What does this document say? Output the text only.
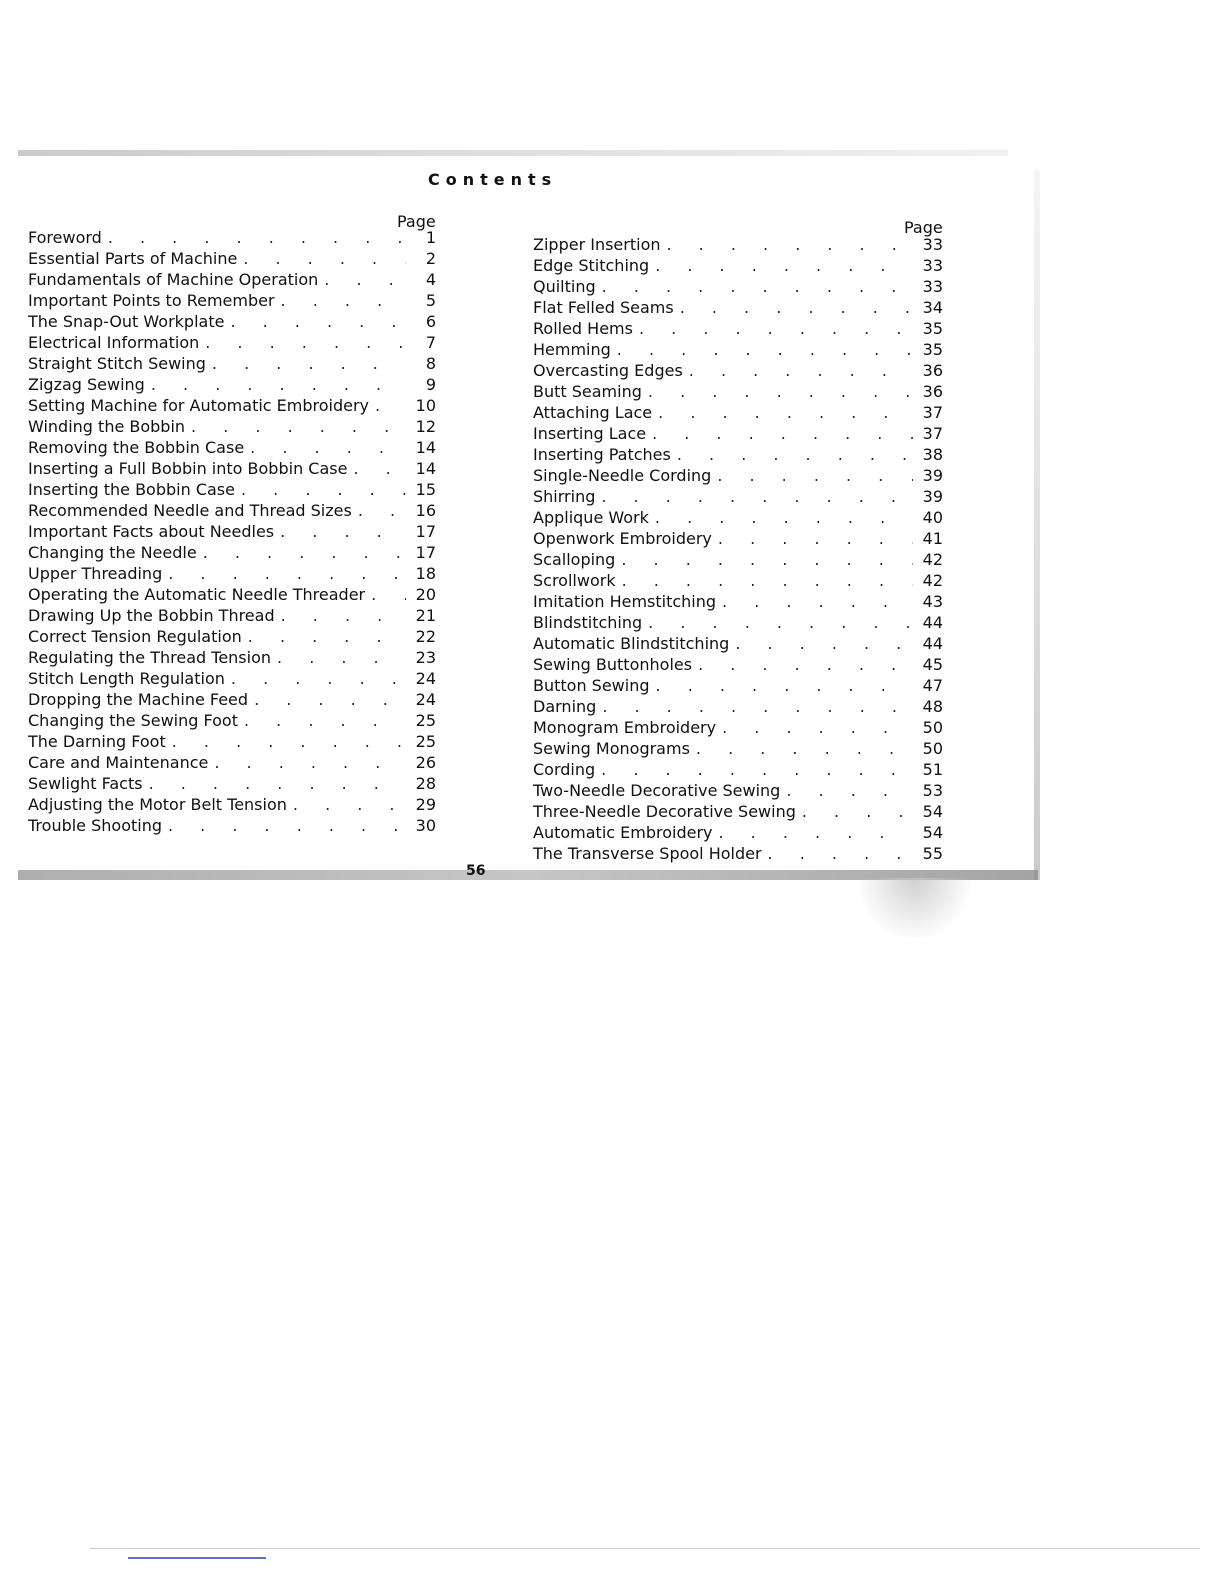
Contents
Page	Page
Foreword . . .	1
Essential Parts of Machine . . .	2
Fundamentals of Machine Operation . . .	4
Important Points to Remember . . .	5
The Snap-Out Workplate . . .	6
Electrical Information . . .	7
Straight Stitch Sewing . . .	8
Zigzag Sewing . . .	9
Setting Machine for Automatic Embroidery . . .	10
Winding the Bobbin . . .	12
Removing the Bobbin Case . . .	14
Inserting a Full Bobbin into Bobbin Case . . .	14
Inserting the Bobbin Case . . .	15
Recommended Needle and Thread Sizes . . .	16
Important Facts about Needles . . .	17
Changing the Needle . . .	17
Upper Threading . . .	18
Operating the Automatic Needle Threader . . .	20
Drawing Up the Bobbin Thread . . .	21
Correct Tension Regulation . . .	22
Regulating the Thread Tension . . .	23
Stitch Length Regulation . . .	24
Dropping the Machine Feed . . .	24
Changing the Sewing Foot . . .	25
The Darning Foot . . .	25
Care and Maintenance . . .	26
Sewlight Facts . . .	28
Adjusting the Motor Belt Tension . . .	29
Trouble Shooting . . .	30
Zipper Insertion . . .	33
Edge Stitching . . .	33
Quilting . . .	33
Flat Felled Seams . . .	34
Rolled Hems . . .	35
Hemming . . .	35
Overcasting Edges . . .	36
Butt Seaming . . .	36
Attaching Lace . . .	37
Inserting Lace . . .	37
Inserting Patches . . .	38
Single-Needle Cording . . .	39
Shirring . . .	39
Applique Work . . .	40
Openwork Embroidery . . .	41
Scalloping . . .	42
Scrollwork . . .	42
Imitation Hemstitching . . .	43
Blindstitching . . .	44
Automatic Blindstitching . . .	44
Sewing Buttonholes . . .	45
Button Sewing . . .	47
Darning . . .	48
Monogram Embroidery . . .	50
Sewing Monograms . . .	50
Cording . . .	51
Two-Needle Decorative Sewing . . .	53
Three-Needle Decorative Sewing . . .	54
Automatic Embroidery . . .	54
The Transverse Spool Holder . . .	55
56
